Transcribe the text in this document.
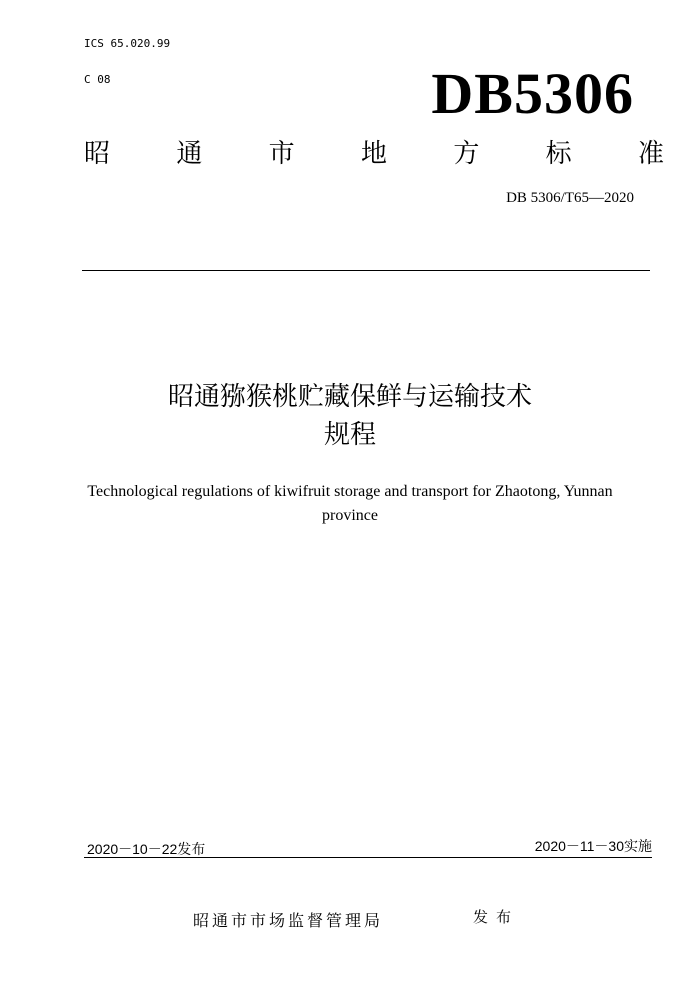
ICS 65.020.99
C 08	DB5306
昭	通	市	地	方	标	准
DB 5306/T65—2020
昭通猕猴桃贮藏保鲜与运输技术
规程
Technological regulations of kiwifruit storage and transport for Zhaotong, Yunnan province
2020－10－22发布	2020－11－30实施
昭通市市场监督管理局	发布
